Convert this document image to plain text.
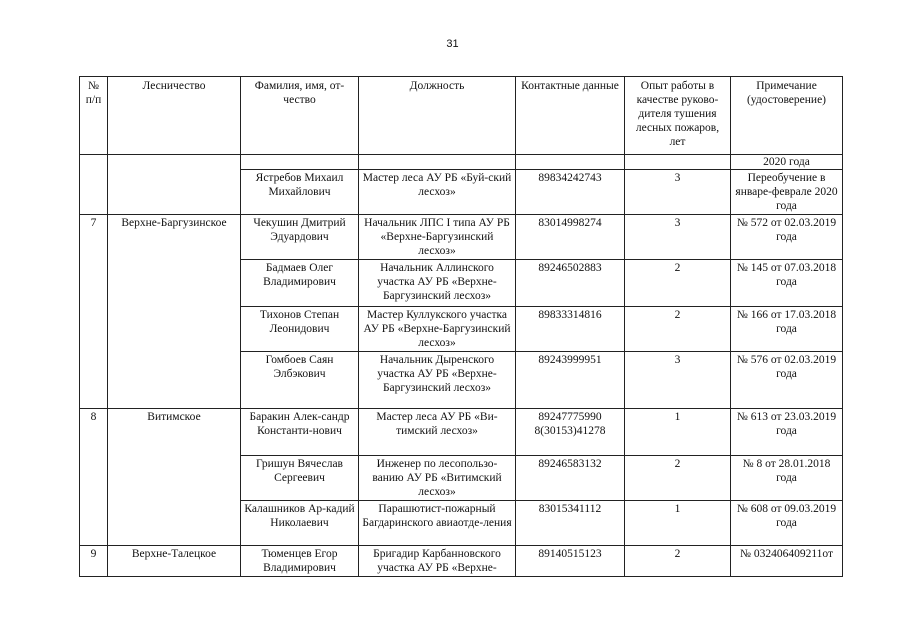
31
№ п/п	Лесничество	Фамилия, имя, от-чество	Должность	Контактные данные	Опыт работы в качестве руково-дителя тушения лесных пожаров, лет	Примечание (удостоверение)
						2020 года
		Ястребов Михаил Михайлович	Мастер леса АУ РБ «Буй-ский лесхоз»	89834242743	3	Переобучение в январе-феврале 2020 года
7	Верхне-Баргузинское	Чекушин Дмитрий Эдуардович	Начальник ЛПС I типа АУ РБ «Верхне-Баргузинский лесхоз»	83014998274	3	№ 572 от 02.03.2019 года
		Бадмаев Олег Владимирович	Начальник Аллинского участка АУ РБ «Верхне-Баргузинский лесхоз»	89246502883	2	№ 145 от 07.03.2018 года
		Тихонов Степан Леонидович	Мастер Куллукского участка АУ РБ «Верхне-Баргузинский лесхоз»	89833314816	2	№ 166 от 17.03.2018 года
		Гомбоев Саян Элбэкович	Начальник Дыренского участка АУ РБ «Верхне-Баргузинский лесхоз»	89243999951	3	№ 576 от 02.03.2019 года
8	Витимское	Баракин Алек-сандр Константи-нович	Мастер леса АУ РБ «Ви-тимский лесхоз»	89247775990 8(30153)41278	1	№ 613 от 23.03.2019 года
		Гришун Вячеслав Сергеевич	Инженер по лесопользо-ванию АУ РБ «Витимский лесхоз»	89246583132	2	№ 8 от 28.01.2018 года
		Калашников Ар-кадий Николаевич	Парашютист-пожарный Багдаринского авиаотде-ления	83015341112	1	№ 608 от 09.03.2019 года
9	Верхне-Талецкое	Тюменцев Егор Владимирович	Бригадир Карбанновского участка АУ РБ «Верхне-	89140515123	2	№ 032406409211от
